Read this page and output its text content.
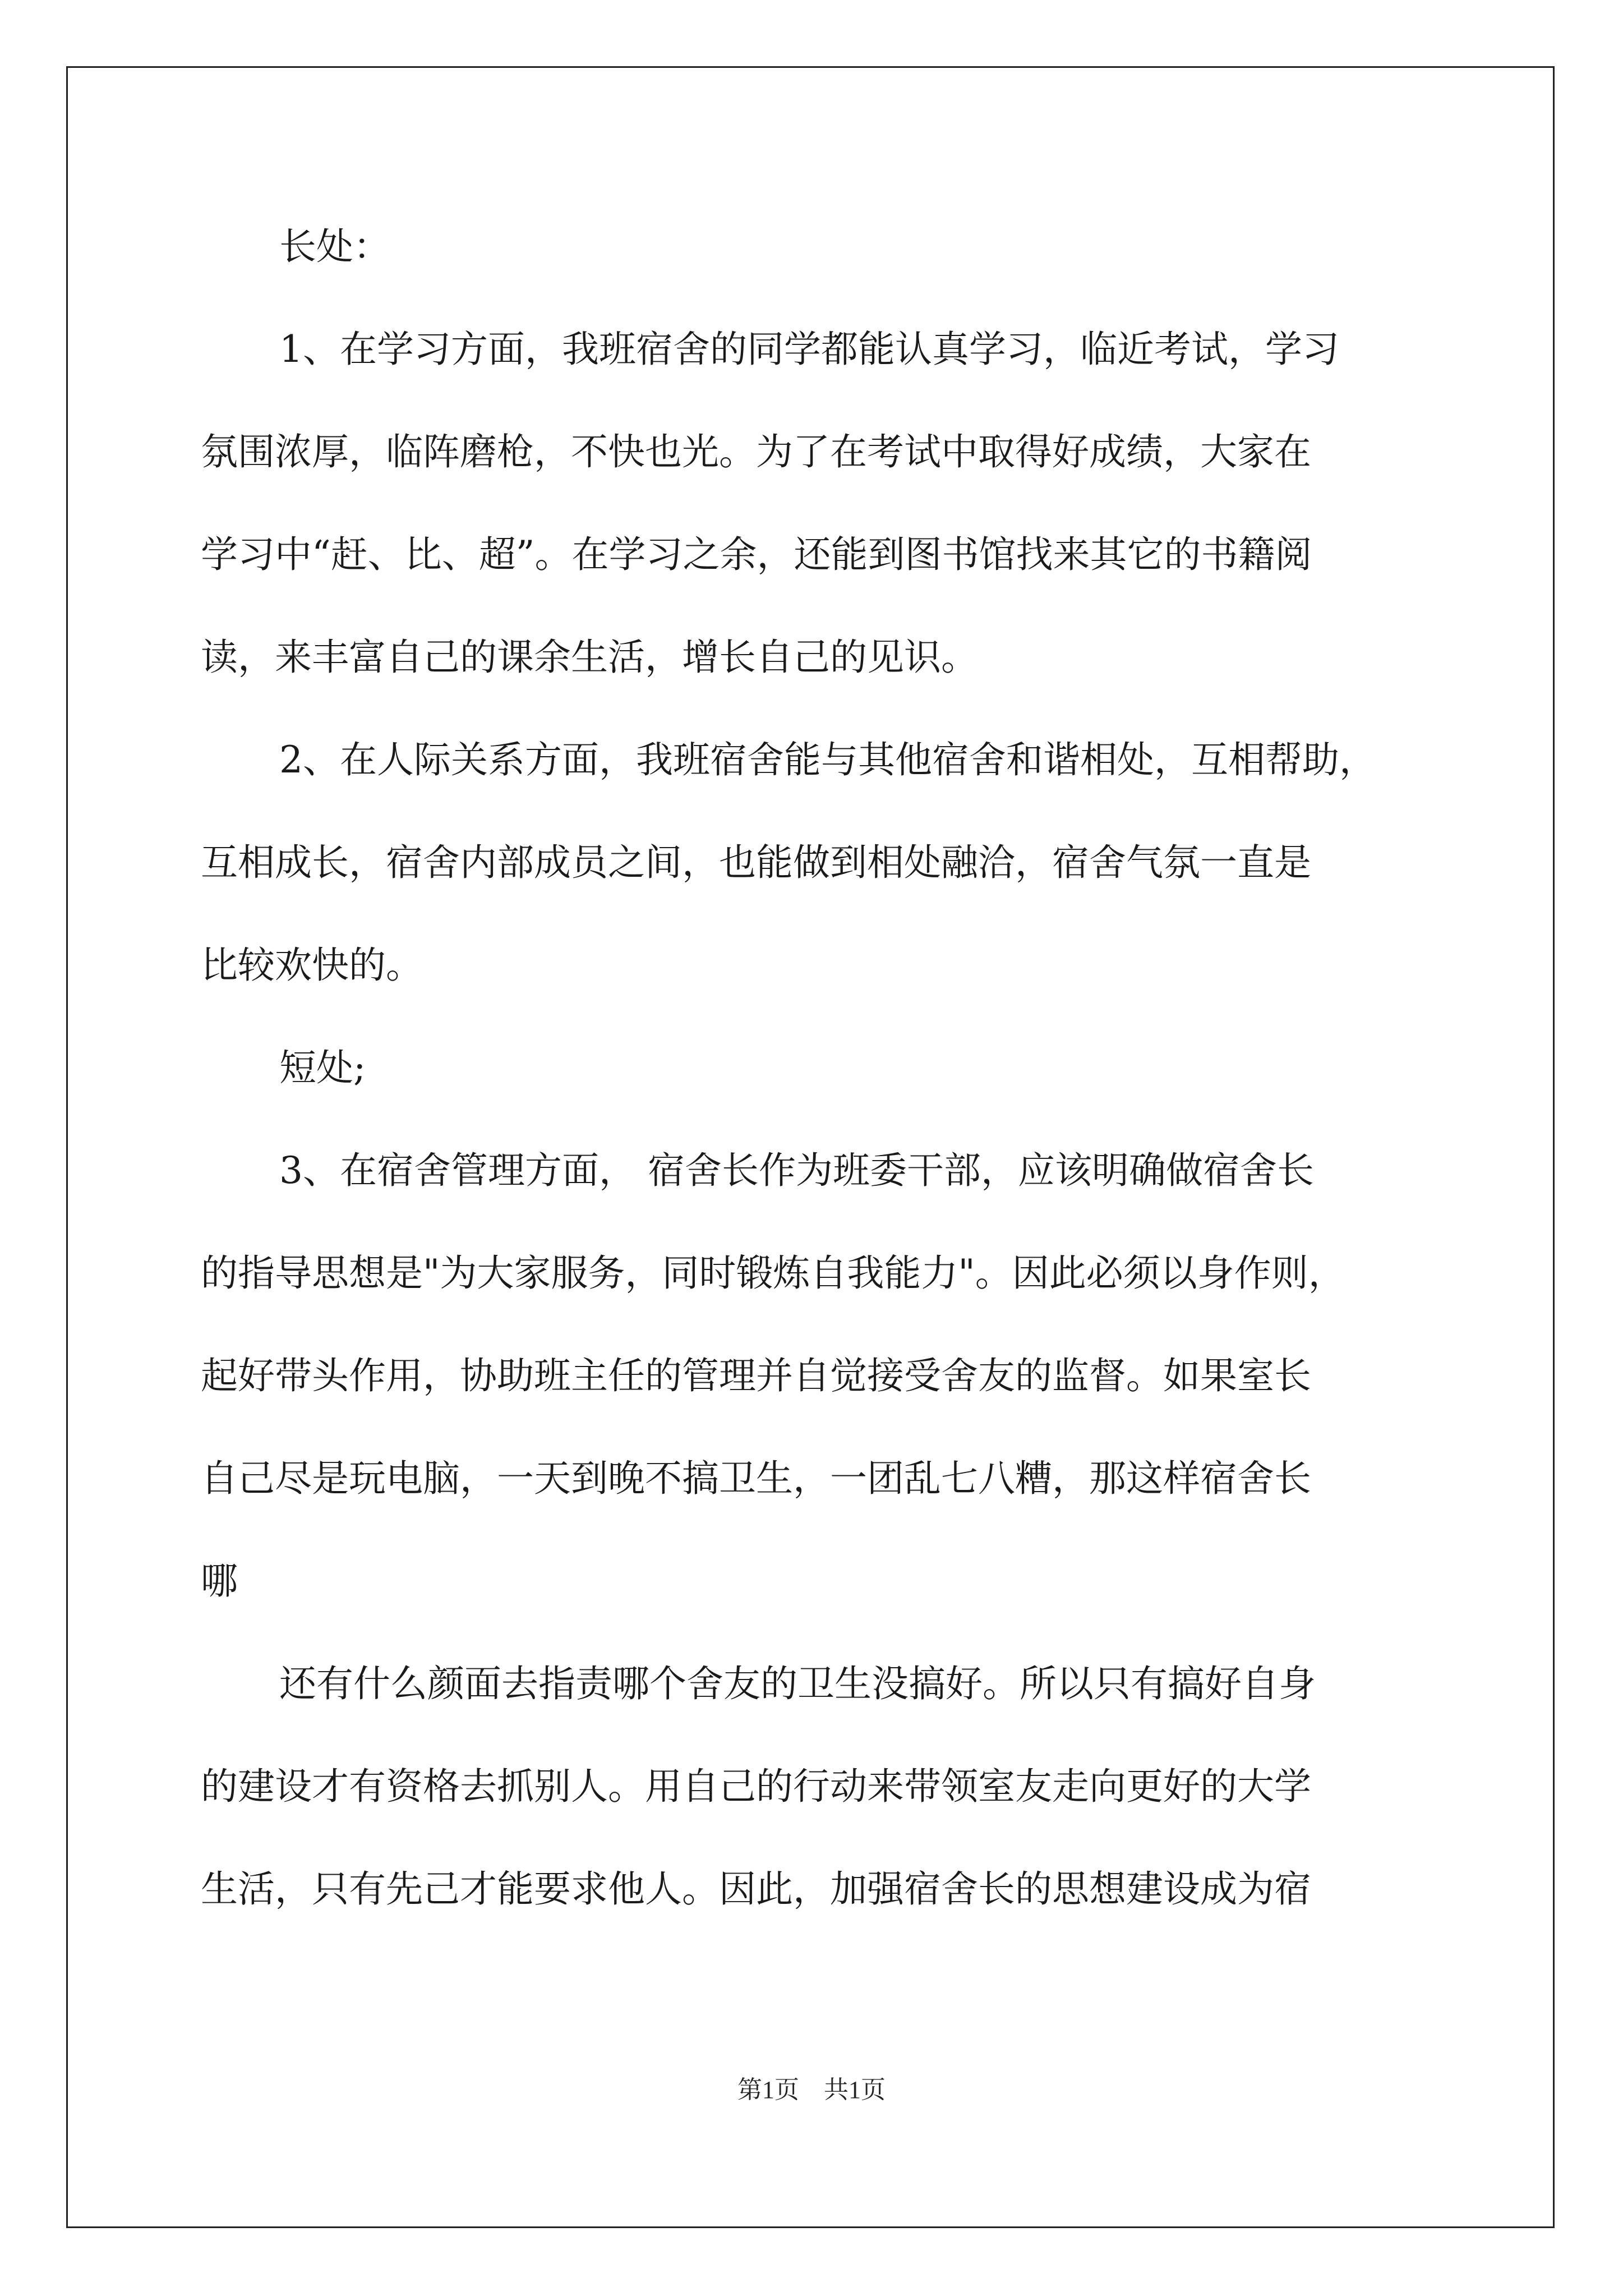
长处：
1、在学习方面，我班宿舍的同学都能认真学习，临近考试，学习
氛围浓厚，临阵磨枪，不快也光。为了在考试中取得好成绩，大家在
学习中“赶、比、超”。在学习之余，还能到图书馆找来其它的书籍阅
读，来丰富自己的课余生活，增长自己的见识。
2、在人际关系方面，我班宿舍能与其他宿舍和谐相处，互相帮助，
互相成长，宿舍内部成员之间，也能做到相处融洽，宿舍气氛一直是
比较欢快的。
短处;
3、在宿舍管理方面， 宿舍长作为班委干部，应该明确做宿舍长
的指导思想是"为大家服务，同时锻炼自我能力"。因此必须以身作则，
起好带头作用，协助班主任的管理并自觉接受舍友的监督。如果室长
自己尽是玩电脑，一天到晚不搞卫生，一团乱七八糟，那这样宿舍长
哪
还有什么颜面去指责哪个舍友的卫生没搞好。所以只有搞好自身
的建设才有资格去抓别人。用自己的行动来带领室友走向更好的大学
生活，只有先己才能要求他人。因此，加强宿舍长的思想建设成为宿
第1页　共1页
